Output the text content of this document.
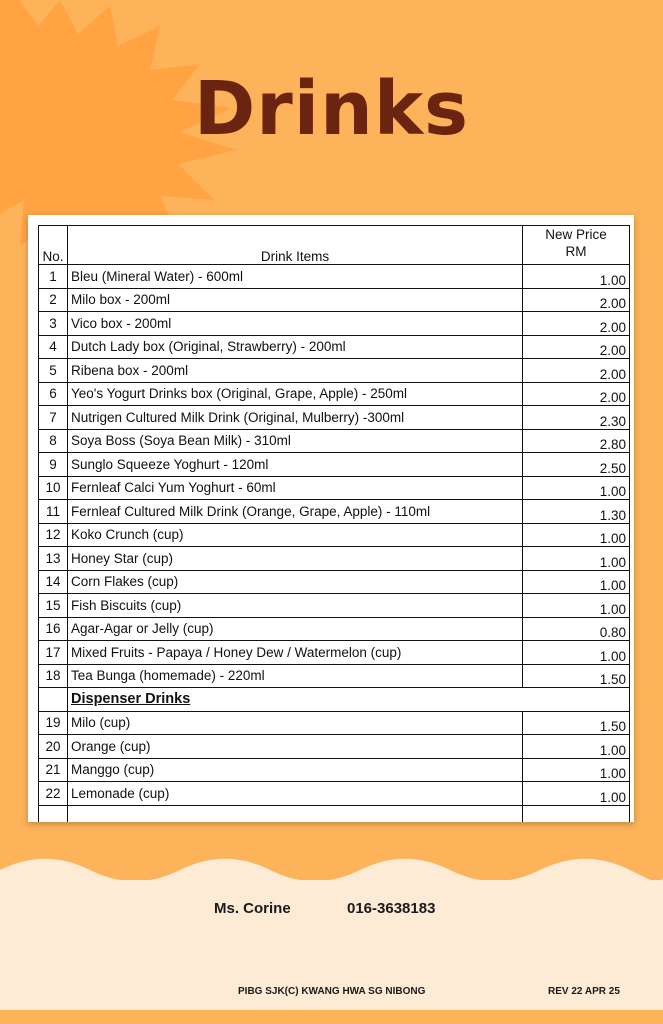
Drinks
No.	Drink Items	New Price
RM
1	Bleu (Mineral Water) - 600ml	1.00
2	Milo box - 200ml	2.00
3	Vico box - 200ml	2.00
4	Dutch Lady box (Original, Strawberry) - 200ml	2.00
5	Ribena box - 200ml	2.00
6	Yeo's Yogurt Drinks box (Original, Grape, Apple) - 250ml	2.00
7	Nutrigen Cultured Milk Drink (Original, Mulberry) -300ml	2.30
8	Soya Boss (Soya Bean Milk) - 310ml	2.80
9	Sunglo Squeeze Yoghurt - 120ml	2.50
10	Fernleaf Calci Yum Yoghurt - 60ml	1.00
11	Fernleaf Cultured Milk Drink (Orange, Grape, Apple) - 110ml	1.30
12	Koko Crunch (cup)	1.00
13	Honey Star (cup)	1.00
14	Corn Flakes (cup)	1.00
15	Fish Biscuits (cup)	1.00
16	Agar-Agar or Jelly (cup)	0.80
17	Mixed Fruits - Papaya / Honey Dew / Watermelon (cup)	1.00
18	Tea Bunga (homemade) - 220ml	1.50
	Dispenser Drinks	
19	Milo (cup)	1.50
20	Orange (cup)	1.00
21	Manggo (cup)	1.00
22	Lemonade (cup)	1.00

Ms. Corine	016-3638183
PIBG SJK(C) KWANG HWA SG NIBONG	REV 22 APR 25
